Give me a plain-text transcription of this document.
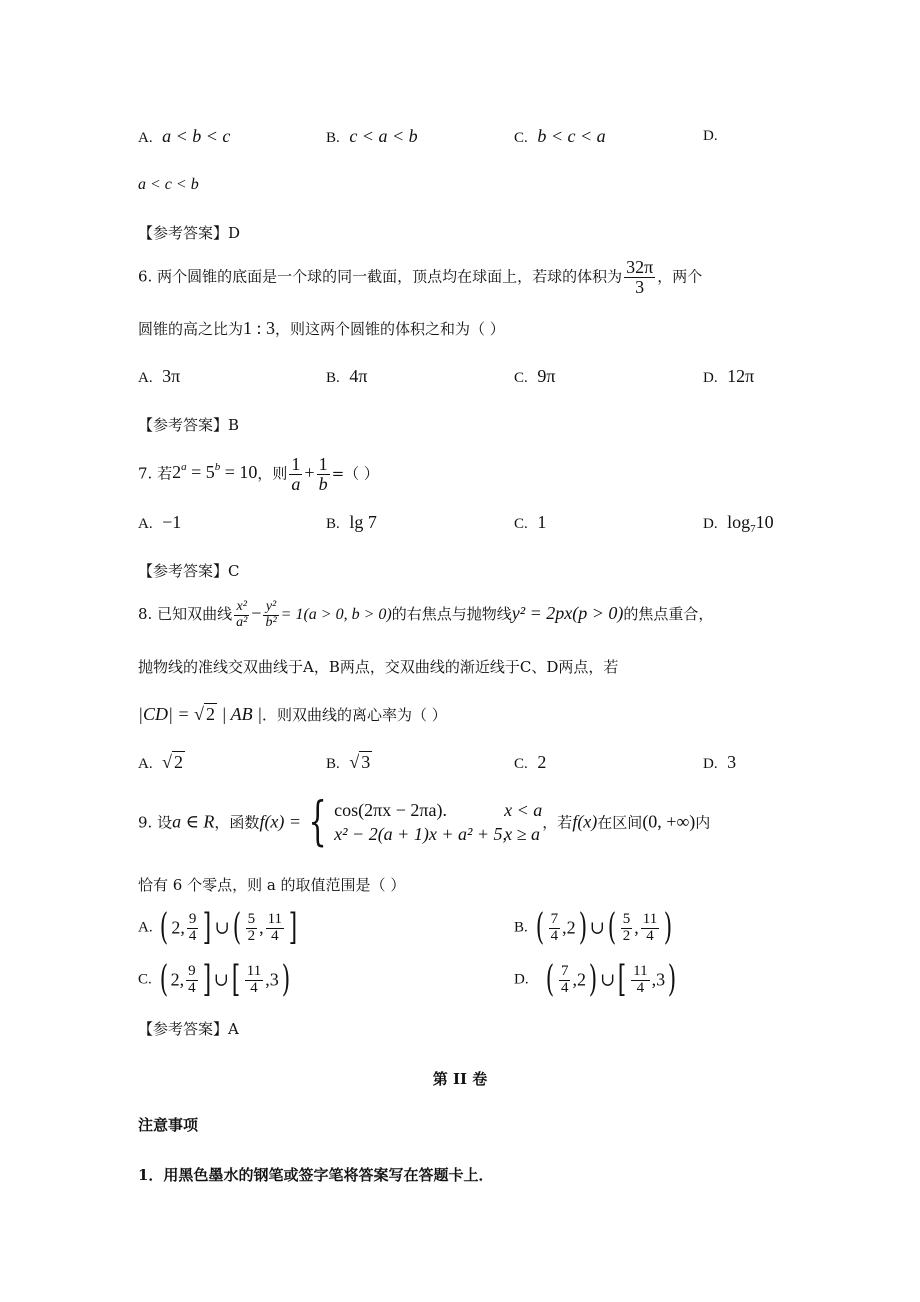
A. a < b < c	B. c < a < b	C. b < c < a	D.
a < c < b
【参考答案】D
6. 两个圆锥的底面是一个球的同一截面，顶点均在球面上，若球的体积为 $\frac{32\pi}{3}$ ，两个
圆锥的高之比为1 : 3，则这两个圆锥的体积之和为（ ）
A. 3π	B. 4π	C. 9π	D. 12π
【参考答案】B
7. 若$2^a = 5^b = 10$，则 $\frac{1}{a} + \frac{1}{b}$ =（ ）
A. −1	B. lg 7	C. 1	D. $\log_710$
【参考答案】C
8. 已知双曲线 $\frac{\text{x²}}{\text{a²}} - \frac{\text{y²}}{\text{b²}} = 1(a > 0$, b > 0)的右焦点与抛物线y² = 2px(p > 0)的焦点重合，
抛物线的准线交双曲线于A，B两点，交双曲线的渐近线于C、D两点，若
|CD| = √ 2 | AB |．则双曲线的离心率为（ ）
A. √ 2	B. √ 3	C. 2	D. 3
9. 设a ∈ R，函数f(x) = { cos(2πx − 2πa).	x < a
x² − 2(a + 1)x + a² + 5,x ≥ a
，若f(x)在区间(0, +∞)内
恰有 6 个零点，则 a 的取值范围是（ ）
A. ( 2, $\frac{9}{4}$ ] ∪( $\frac{5}{2}$ , $\frac{11}{4}$ ]	B. ( $\frac{7}{4} ,2$) ∪( $\frac{5}{2}$ , $\frac{11}{4}$ )
C. ( 2, $\frac{9}{4}$ ] ∪[ $\frac{11}{4} ,3$)	D. ( $\frac{7}{4} ,2$) ∪[ $\frac{11}{4} ,3$)
【参考答案】A
第 II 卷
注意事项
1．用黑色墨水的钢笔或签字笔将答案写在答题卡上．
